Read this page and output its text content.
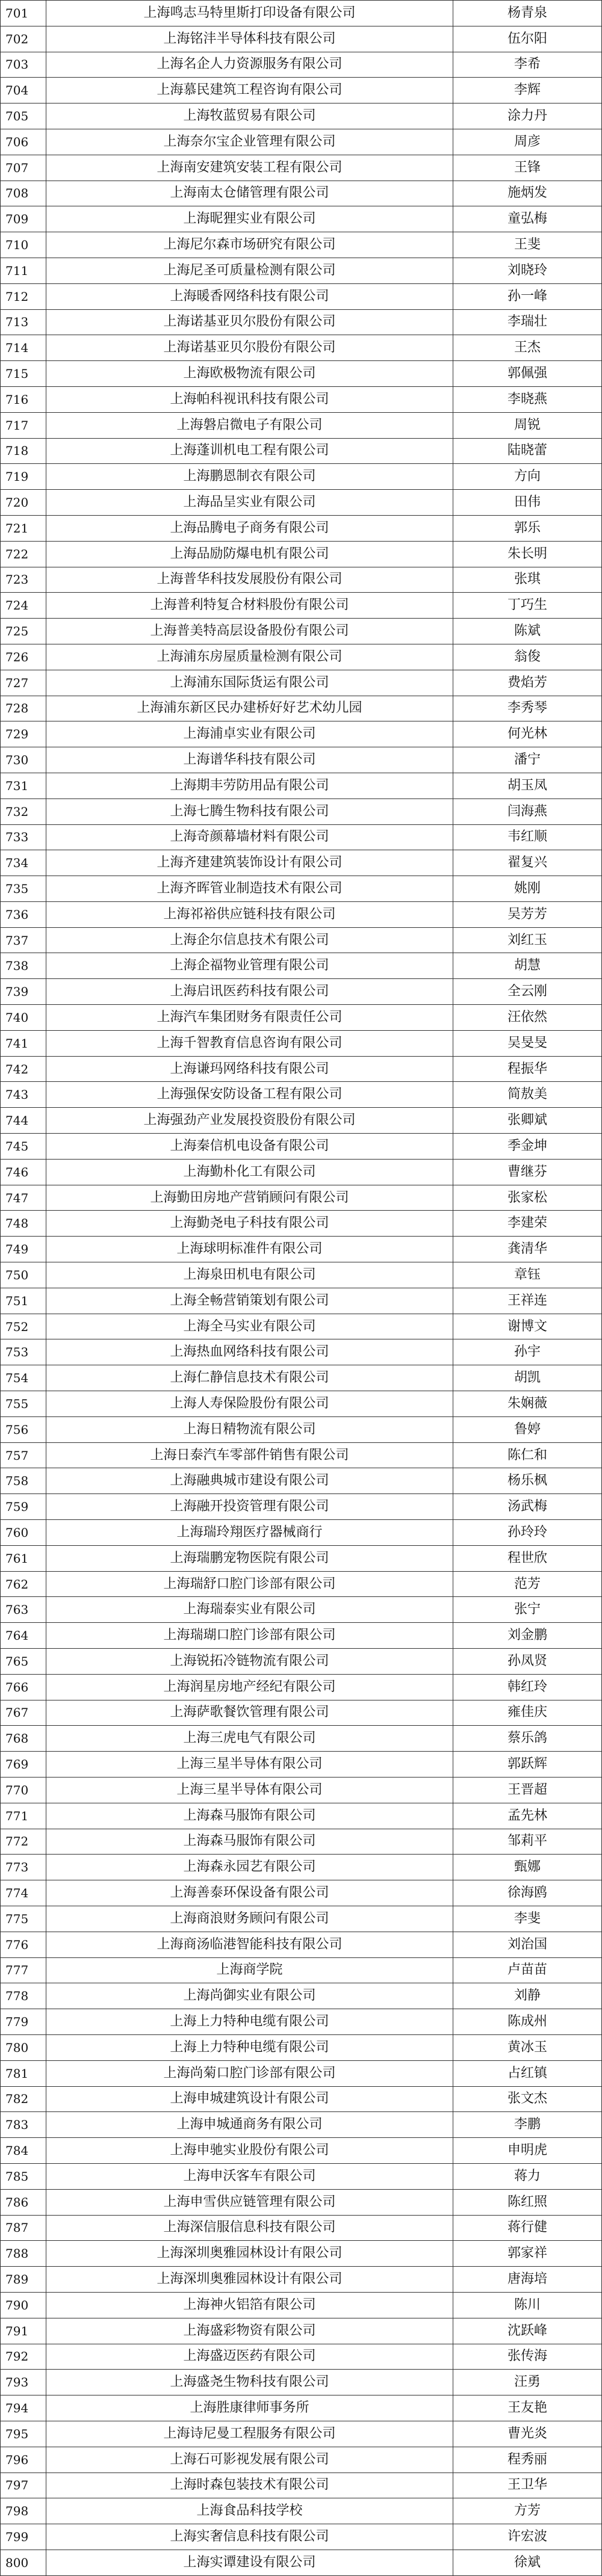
701	上海鸣志马特里斯打印设备有限公司	杨青泉
702	上海铭沣半导体科技有限公司	伍尔阳
703	上海名企人力资源服务有限公司	李希
704	上海慕民建筑工程咨询有限公司	李辉
705	上海牧蓝贸易有限公司	涂力丹
706	上海奈尔宝企业管理有限公司	周彦
707	上海南安建筑安装工程有限公司	王锋
708	上海南太仓储管理有限公司	施炳发
709	上海昵狸实业有限公司	童弘梅
710	上海尼尔森市场研究有限公司	王斐
711	上海尼圣可质量检测有限公司	刘晓玲
712	上海暖香网络科技有限公司	孙一峰
713	上海诺基亚贝尔股份有限公司	李瑞壮
714	上海诺基亚贝尔股份有限公司	王杰
715	上海欧极物流有限公司	郭佩强
716	上海帕科视讯科技有限公司	李晓燕
717	上海磐启微电子有限公司	周锐
718	上海蓬训机电工程有限公司	陆晓蕾
719	上海鹏恩制衣有限公司	方向
720	上海品呈实业有限公司	田伟
721	上海品腾电子商务有限公司	郭乐
722	上海品励防爆电机有限公司	朱长明
723	上海普华科技发展股份有限公司	张琪
724	上海普利特复合材料股份有限公司	丁巧生
725	上海普美特高层设备股份有限公司	陈斌
726	上海浦东房屋质量检测有限公司	翁俊
727	上海浦东国际货运有限公司	费焰芳
728	上海浦东新区民办建桥好好艺术幼儿园	李秀琴
729	上海浦卓实业有限公司	何光林
730	上海谱华科技有限公司	潘宁
731	上海期丰劳防用品有限公司	胡玉凤
732	上海七腾生物科技有限公司	闫海燕
733	上海奇颜幕墙材料有限公司	韦红顺
734	上海齐建建筑装饰设计有限公司	翟复兴
735	上海齐晖管业制造技术有限公司	姚刚
736	上海祁裕供应链科技有限公司	吴芳芳
737	上海企尔信息技术有限公司	刘红玉
738	上海企福物业管理有限公司	胡慧
739	上海启讯医药科技有限公司	全云刚
740	上海汽车集团财务有限责任公司	汪依然
741	上海千智教育信息咨询有限公司	吴旻旻
742	上海谦玛网络科技有限公司	程振华
743	上海强保安防设备工程有限公司	简敖美
744	上海强劲产业发展投资股份有限公司	张卿斌
745	上海秦信机电设备有限公司	季金坤
746	上海勤朴化工有限公司	曹继芬
747	上海勤田房地产营销顾问有限公司	张家松
748	上海勤尧电子科技有限公司	李建荣
749	上海球明标准件有限公司	龚清华
750	上海泉田机电有限公司	章钰
751	上海全畅营销策划有限公司	王祥连
752	上海全马实业有限公司	谢博文
753	上海热血网络科技有限公司	孙宇
754	上海仁静信息技术有限公司	胡凯
755	上海人寿保险股份有限公司	朱娴薇
756	上海日精物流有限公司	鲁婷
757	上海日泰汽车零部件销售有限公司	陈仁和
758	上海融典城市建设有限公司	杨乐枫
759	上海融开投资管理有限公司	汤武梅
760	上海瑞玲翔医疗器械商行	孙玲玲
761	上海瑞鹏宠物医院有限公司	程世欣
762	上海瑞舒口腔门诊部有限公司	范芳
763	上海瑞泰实业有限公司	张宁
764	上海瑞瑚口腔门诊部有限公司	刘金鹏
765	上海锐拓冷链物流有限公司	孙凤贤
766	上海润星房地产经纪有限公司	韩红玲
767	上海萨歌餐饮管理有限公司	雍佳庆
768	上海三虎电气有限公司	蔡乐鸽
769	上海三星半导体有限公司	郭跃辉
770	上海三星半导体有限公司	王晋超
771	上海森马服饰有限公司	孟先林
772	上海森马服饰有限公司	邹莉平
773	上海森永园艺有限公司	甄娜
774	上海善泰环保设备有限公司	徐海鸥
775	上海商浪财务顾问有限公司	李斐
776	上海商汤临港智能科技有限公司	刘治国
777	上海商学院	卢苗苗
778	上海尚御实业有限公司	刘静
779	上海上力特种电缆有限公司	陈成州
780	上海上力特种电缆有限公司	黄冰玉
781	上海尚菊口腔门诊部有限公司	占红镇
782	上海申城建筑设计有限公司	张文杰
783	上海申城通商务有限公司	李鹏
784	上海申驰实业股份有限公司	申明虎
785	上海申沃客车有限公司	蒋力
786	上海申雪供应链管理有限公司	陈红照
787	上海深信服信息科技有限公司	蒋行健
788	上海深圳奥雅园林设计有限公司	郭家祥
789	上海深圳奥雅园林设计有限公司	唐海培
790	上海神火铝箔有限公司	陈川
791	上海盛彩物资有限公司	沈跃峰
792	上海盛迈医药有限公司	张传海
793	上海盛尧生物科技有限公司	汪勇
794	上海胜康律师事务所	王友艳
795	上海诗尼曼工程服务有限公司	曹光炎
796	上海石可影视发展有限公司	程秀丽
797	上海时森包装技术有限公司	王卫华
798	上海食品科技学校	方芳
799	上海实奢信息科技有限公司	许宏波
800	上海实谭建设有限公司	徐斌
